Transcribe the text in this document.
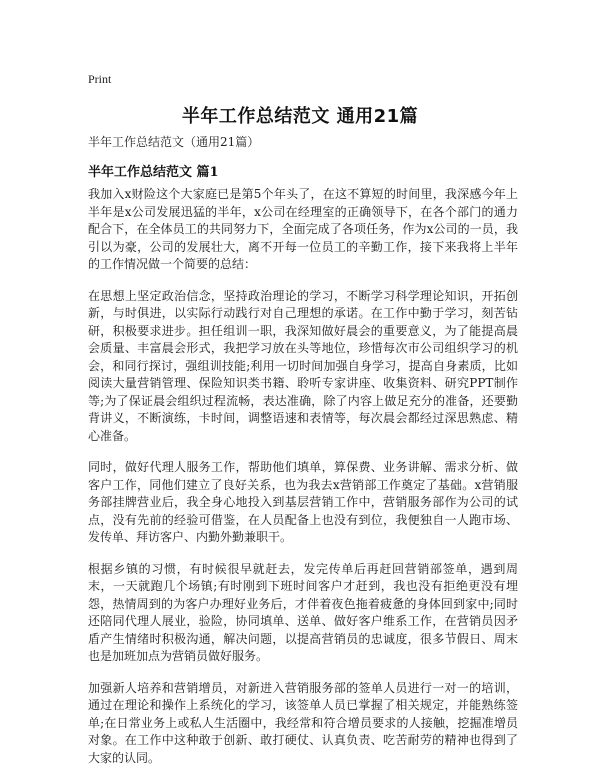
Print
半年工作总结范文 通用21篇
半年工作总结范文（通用21篇）
半年工作总结范文 篇1

我加入x财险这个大家庭已是第5个年头了，在这不算短的时间里，我深感今年上半年是x公司发展迅猛的半年，x公司在经理室的正确领导下，在各个部门的通力配合下，在全体员工的共同努力下，全面完成了各项任务，作为x公司的一员，我引以为豪，公司的发展壮大，离不开每一位员工的辛勤工作，接下来我将上半年的工作情况做一个简要的总结：

在思想上坚定政治信念，坚持政治理论的学习，不断学习科学理论知识，开拓创新，与时俱进，以实际行动践行对自己理想的承诺。在工作中勤于学习，刻苦钻研，积极要求进步。担任组训一职，我深知做好晨会的重要意义，为了能提高晨会质量、丰富晨会形式，我把学习放在头等地位，珍惜每次市公司组织学习的机会，和同行探讨，强组训技能;利用一切时间加强自身学习，提高自身素质，比如阅读大量营销管理、保险知识类书籍、聆听专家讲座、收集资料、研究PPT制作等;为了保证晨会组织过程流畅，表达准确，除了内容上做足充分的准备，还要勤背讲义，不断演练，卡时间，调整语速和表情等，每次晨会都经过深思熟虑、精心准备。

同时，做好代理人服务工作，帮助他们填单，算保费、业务讲解、需求分析、做客户工作，同他们建立了良好关系，也为我去x营销部工作奠定了基础。x营销服务部挂牌营业后，我全身心地投入到基层营销工作中，营销服务部作为公司的试点，没有先前的经验可借鉴，在人员配备上也没有到位，我便独自一人跑市场、发传单、拜访客户、内勤外勤兼职干。

根据乡镇的习惯，有时候很早就赶去，发完传单后再赶回营销部签单，遇到周末，一天就跑几个场镇;有时刚到下班时间客户才赶到，我也没有拒绝更没有埋怨，热情周到的为客户办理好业务后，才伴着夜色拖着疲惫的身体回到家中;同时还陪同代理人展业，验险，协同填单、送单、做好客户维系工作，在营销员因矛盾产生情绪时积极沟通，解决问题，以提高营销员的忠诚度，很多节假日、周末也是加班加点为营销员做好服务。

加强新人培养和营销增员，对新进入营销服务部的签单人员进行一对一的培训，通过在理论和操作上系统化的学习，该签单人员已掌握了相关规定，并能熟练签单;在日常业务上或私人生活圈中，我经常和符合增员要求的人接触，挖掘准增员对象。在工作中这种敢于创新、敢打硬仗、认真负责、吃苦耐劳的精神也得到了大家的认同。
